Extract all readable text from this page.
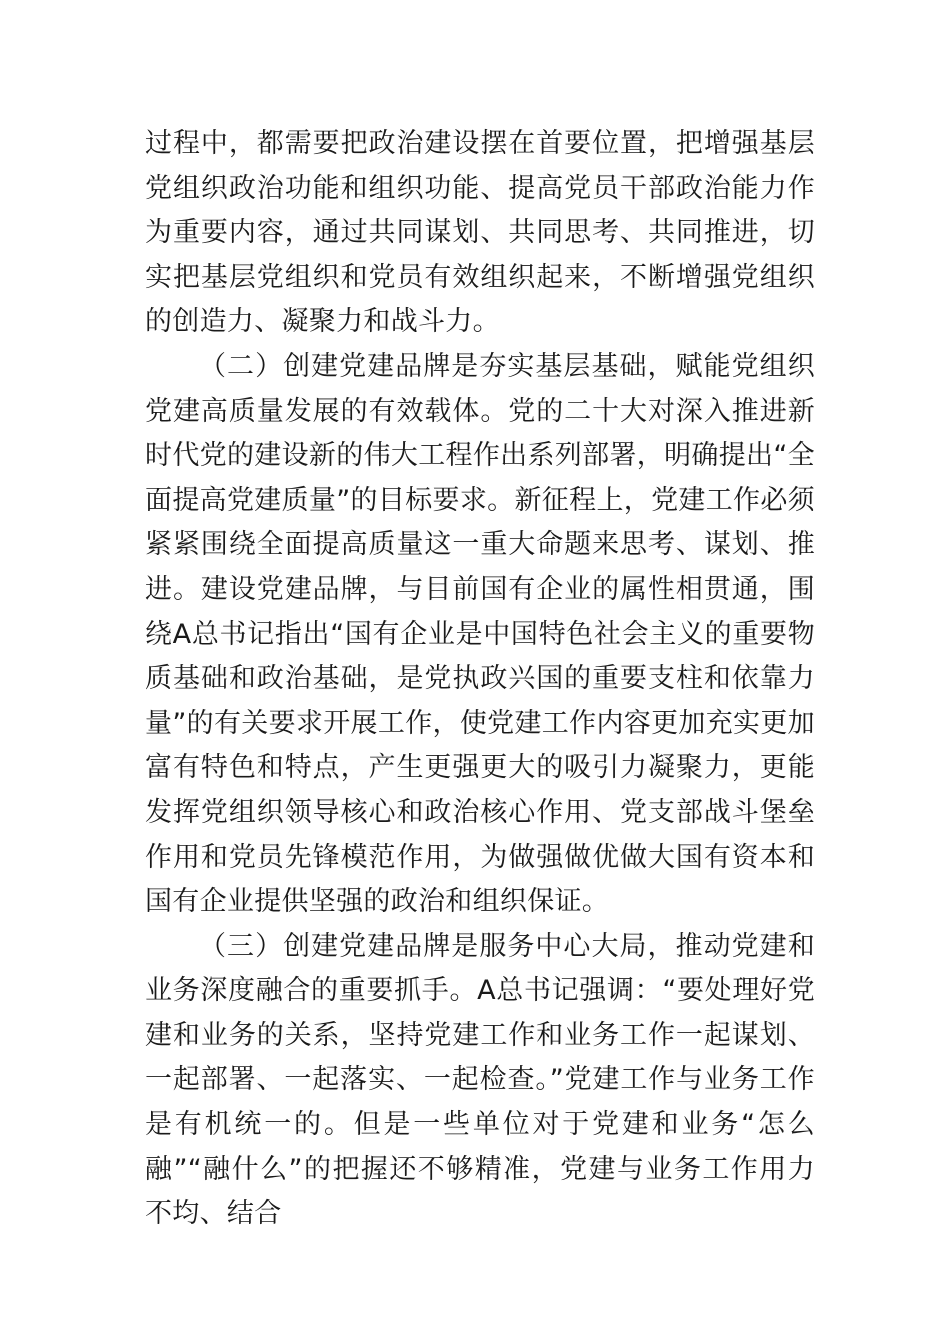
过程中，都需要把政治建设摆在首要位置，把增强基层党组织政治功能和组织功能、提高党员干部政治能力作为重要内容，通过共同谋划、共同思考、共同推进，切实把基层党组织和党员有效组织起来，不断增强党组织的创造力、凝聚力和战斗力。

（二）创建党建品牌是夯实基层基础，赋能党组织党建高质量发展的有效载体。党的二十大对深入推进新时代党的建设新的伟大工程作出系列部署，明确提出“全面提高党建质量”的目标要求。新征程上，党建工作必须紧紧围绕全面提高质量这一重大命题来思考、谋划、推进。建设党建品牌，与目前国有企业的属性相贯通，围绕A总书记指出“国有企业是中国特色社会主义的重要物质基础和政治基础，是党执政兴国的重要支柱和依靠力量”的有关要求开展工作，使党建工作内容更加充实更加富有特色和特点，产生更强更大的吸引力凝聚力，更能发挥党组织领导核心和政治核心作用、党支部战斗堡垒作用和党员先锋模范作用，为做强做优做大国有资本和国有企业提供坚强的政治和组织保证。

（三）创建党建品牌是服务中心大局，推动党建和业务深度融合的重要抓手。A总书记强调：“要处理好党建和业务的关系，坚持党建工作和业务工作一起谋划、一起部署、一起落实、一起检查。”党建工作与业务工作是有机统一的。但是一些单位对于党建和业务“怎么融”“融什么”的把握还不够精准，党建与业务工作用力不均、结合
